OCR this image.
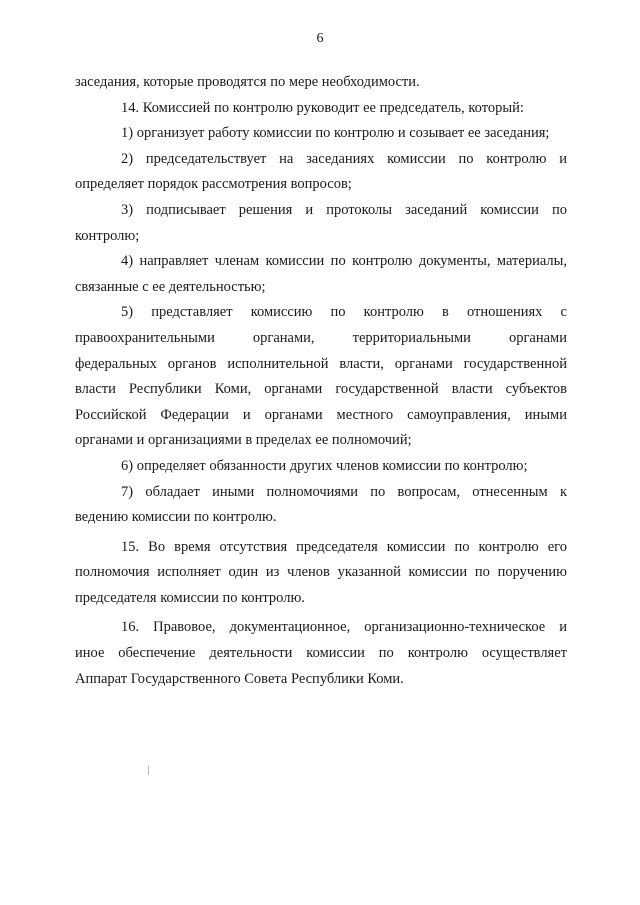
6
заседания, которые проводятся по мере необходимости.
14. Комиссией по контролю руководит ее председатель, который:
1) организует работу комиссии по контролю и созывает ее заседания;
2) председательствует на заседаниях комиссии по контролю и
определяет порядок рассмотрения вопросов;
3) подписывает решения и протоколы заседаний комиссии по
контролю;
4) направляет членам комиссии по контролю документы, материалы,
связанные с ее деятельностью;
5) представляет комиссию по контролю в отношениях с
правоохранительными органами, территориальными органами
федеральных органов исполнительной власти, органами государственной
власти Республики Коми, органами государственной власти субъектов
Российской Федерации и органами местного самоуправления, иными
органами и организациями в пределах ее полномочий;
6) определяет обязанности других членов комиссии по контролю;
7) обладает иными полномочиями по вопросам, отнесенным к
ведению комиссии по контролю.
15. Во время отсутствия председателя комиссии по контролю его
полномочия исполняет один из членов указанной комиссии по поручению
председателя комиссии по контролю.
16. Правовое, документационное, организационно-техническое и
иное обеспечение деятельности комиссии по контролю осуществляет
Аппарат Государственного Совета Республики Коми.
